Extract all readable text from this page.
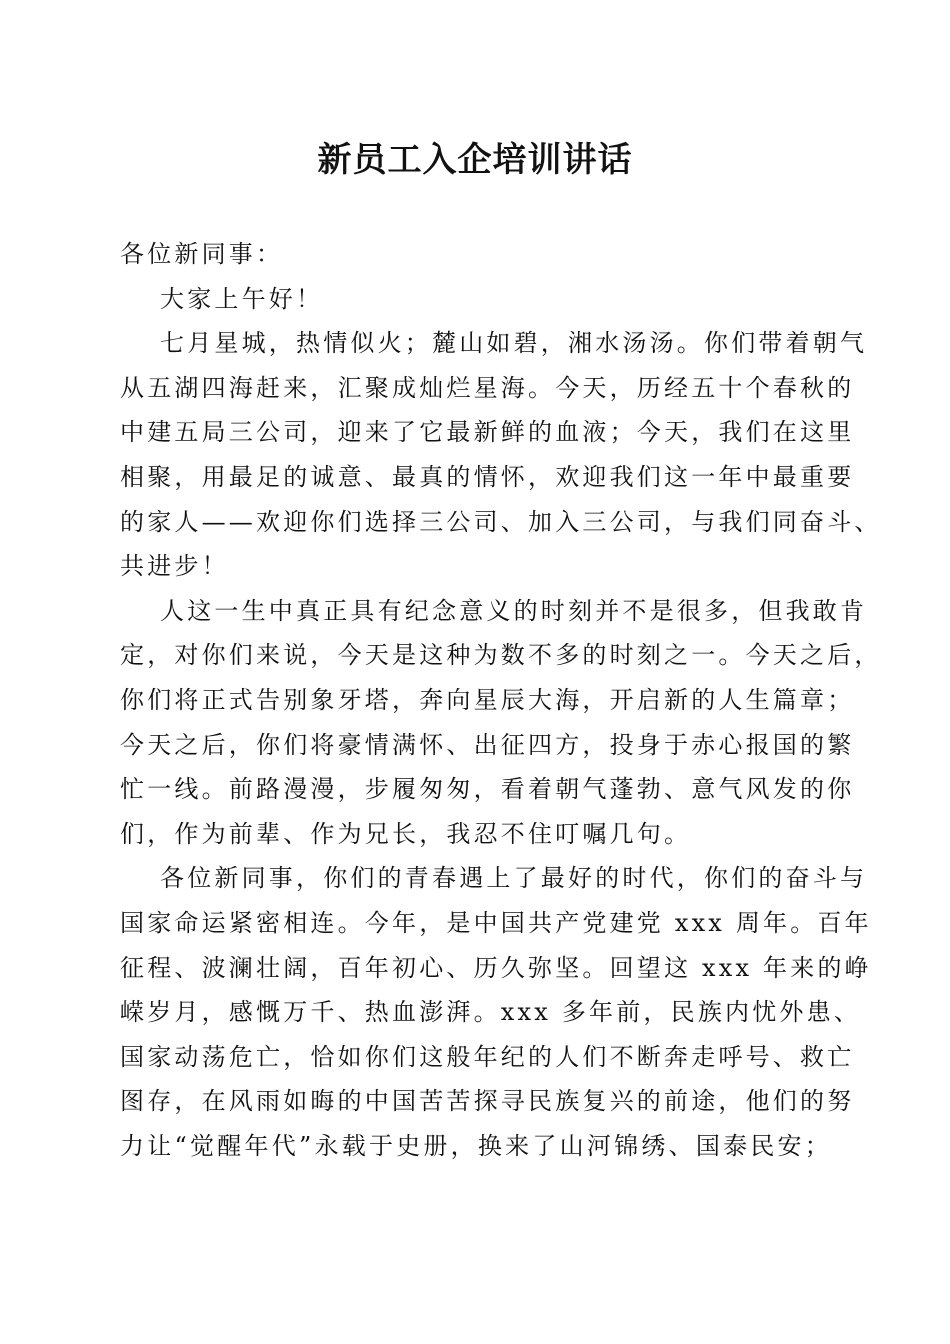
新员工入企培训讲话
各位新同事：
大家上午好！
七月星城，热情似火；麓山如碧，湘水汤汤。你们带着朝气
从五湖四海赶来，汇聚成灿烂星海。今天，历经五十个春秋的
中建五局三公司，迎来了它最新鲜的血液；今天，我们在这里
相聚，用最足的诚意、最真的情怀，欢迎我们这一年中最重要
的家人——欢迎你们选择三公司、加入三公司，与我们同奋斗、
共进步！
人这一生中真正具有纪念意义的时刻并不是很多，但我敢肯
定，对你们来说，今天是这种为数不多的时刻之一。今天之后，
你们将正式告别象牙塔，奔向星辰大海，开启新的人生篇章；
今天之后，你们将豪情满怀、出征四方，投身于赤心报国的繁
忙一线。前路漫漫，步履匆匆，看着朝气蓬勃、意气风发的你
们，作为前辈、作为兄长，我忍不住叮嘱几句。
各位新同事，你们的青春遇上了最好的时代，你们的奋斗与
国家命运紧密相连。今年，是中国共产党建党 xxx 周年。百年
征程、波澜壮阔，百年初心、历久弥坚。回望这 xxx 年来的峥
嵘岁月，感慨万千、热血澎湃。xxx 多年前，民族内忧外患、
国家动荡危亡，恰如你们这般年纪的人们不断奔走呼号、救亡
图存，在风雨如晦的中国苦苦探寻民族复兴的前途，他们的努
力让“觉醒年代”永载于史册，换来了山河锦绣、国泰民安；
